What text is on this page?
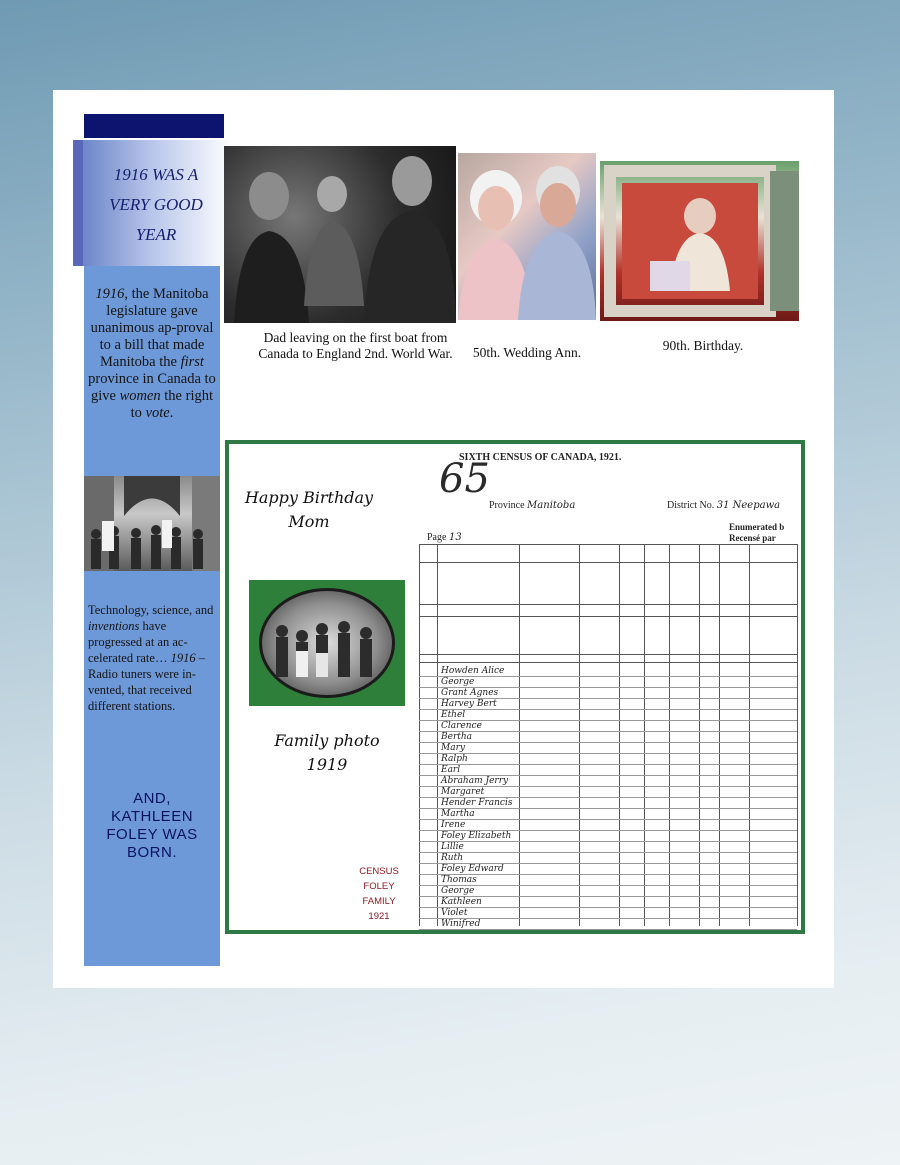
1916 WAS A
VERY GOOD
YEAR
1916, the Manitoba legislature gave unanimous ap-proval to a bill that made Manitoba the first province in Canada to give women the right to vote.
Technology, science, and inventions have progressed at an ac-celerated rate… 1916 – Radio tuners were in-vented, that received different stations.
AND,
KATHLEEN
FOLEY WAS
BORN.
Dad leaving on the first boat from Canada to England 2nd. World War.	50th. Wedding Ann.	90th. Birthday.
Happy Birthday
Mom
Family photo
1919
CENSUS
FOLEY
FAMILY
1921
SIXTH CENSUS OF CANADA, 1921.
65
Province Manitoba	District No. 31 Neepawa
Enumerated b
Recensé par
Page 13
Howden Alice
George
Grant Agnes
Harvey Bert
Ethel
Clarence
Bertha
Mary
Ralph
Earl
Abraham Jerry
Margaret
Hender Francis
Martha
Irene
Foley Elizabeth
Lillie
Ruth
Foley Edward
Thomas
George
Kathleen
Violet
Winifred
